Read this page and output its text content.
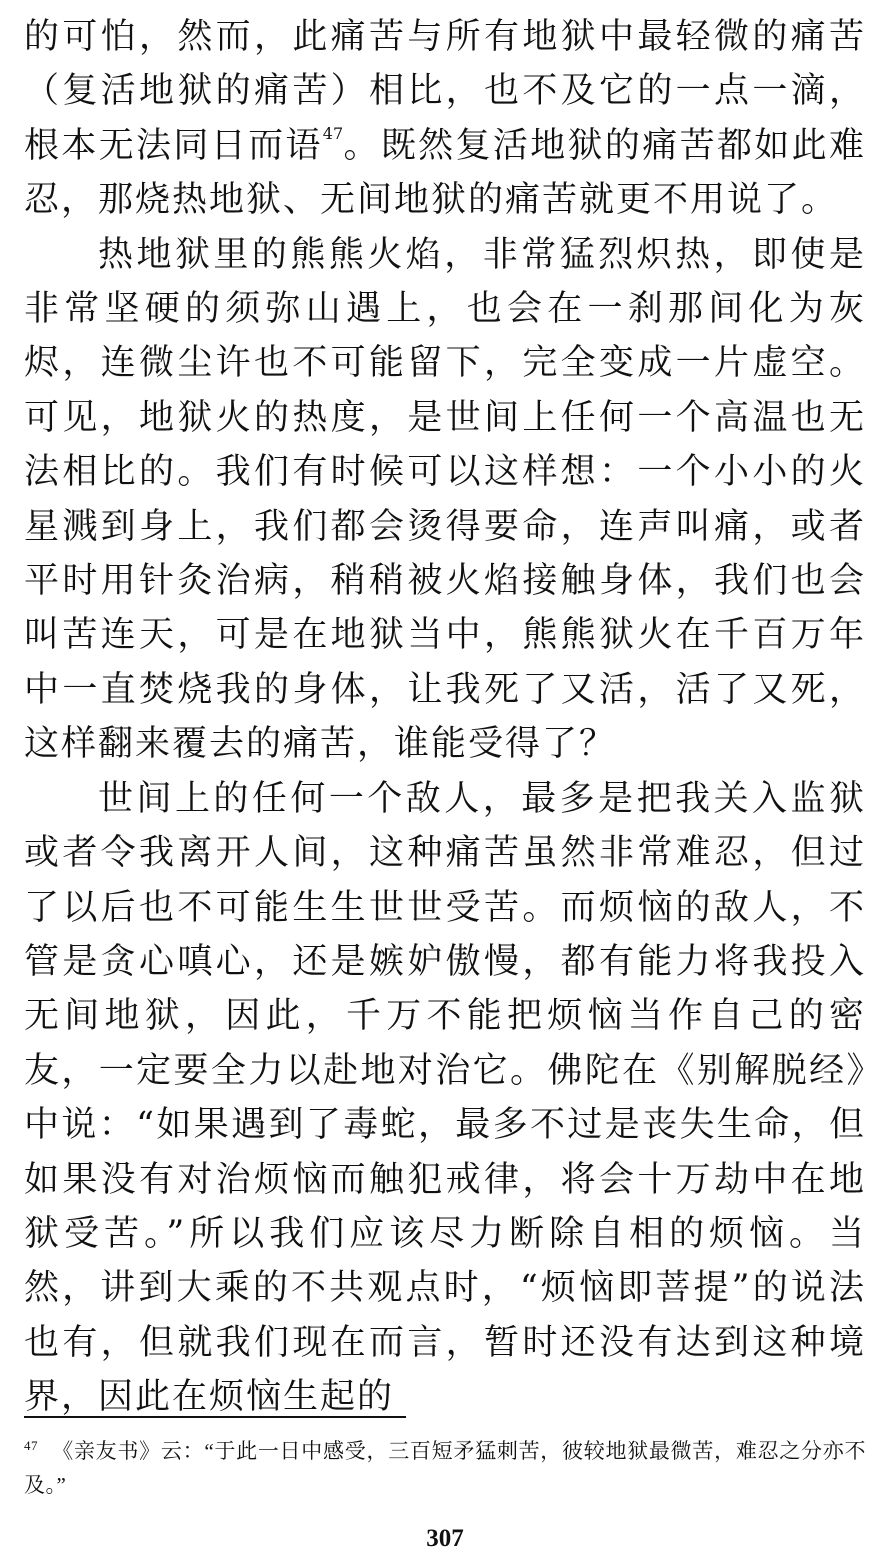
的可怕，然而，此痛苦与所有地狱中最轻微的痛苦（复活地狱的痛苦）相比，也不及它的一点一滴，根本无法同日而语$^{47}$。既然复活地狱的痛苦都如此难忍，那烧热地狱、无间地狱的痛苦就更不用说了。

热地狱里的熊熊火焰，非常猛烈炽热，即使是非常坚硬的须弥山遇上，也会在一刹那间化为灰烬，连微尘许也不可能留下，完全变成一片虚空。可见，地狱火的热度，是世间上任何一个高温也无法相比的。我们有时候可以这样想：一个小小的火星溅到身上，我们都会烫得要命，连声叫痛，或者平时用针灸治病，稍稍被火焰接触身体，我们也会叫苦连天，可是在地狱当中，熊熊狱火在千百万年中一直焚烧我的身体，让我死了又活，活了又死，这样翻来覆去的痛苦，谁能受得了？

世间上的任何一个敌人，最多是把我关入监狱或者令我离开人间，这种痛苦虽然非常难忍，但过了以后也不可能生生世世受苦。而烦恼的敌人，不管是贪心嗔心，还是嫉妒傲慢，都有能力将我投入无间地狱，因此，千万不能把烦恼当作自己的密友，一定要全力以赴地对治它。佛陀在《别解脱经》中说：“如果遇到了毒蛇，最多不过是丧失生命，但如果没有对治烦恼而触犯戒律，将会十万劫中在地狱受苦。”所以我们应该尽力断除自相的烦恼。当然，讲到大乘的不共观点时，“烦恼即菩提”的说法也有，但就我们现在而言，暂时还没有达到这种境界，因此在烦恼生起的

$^{47}$ 《亲友书》云：“于此一日中感受，三百短矛猛刺苦，彼较地狱最微苦，难忍之分亦不及。”
307
